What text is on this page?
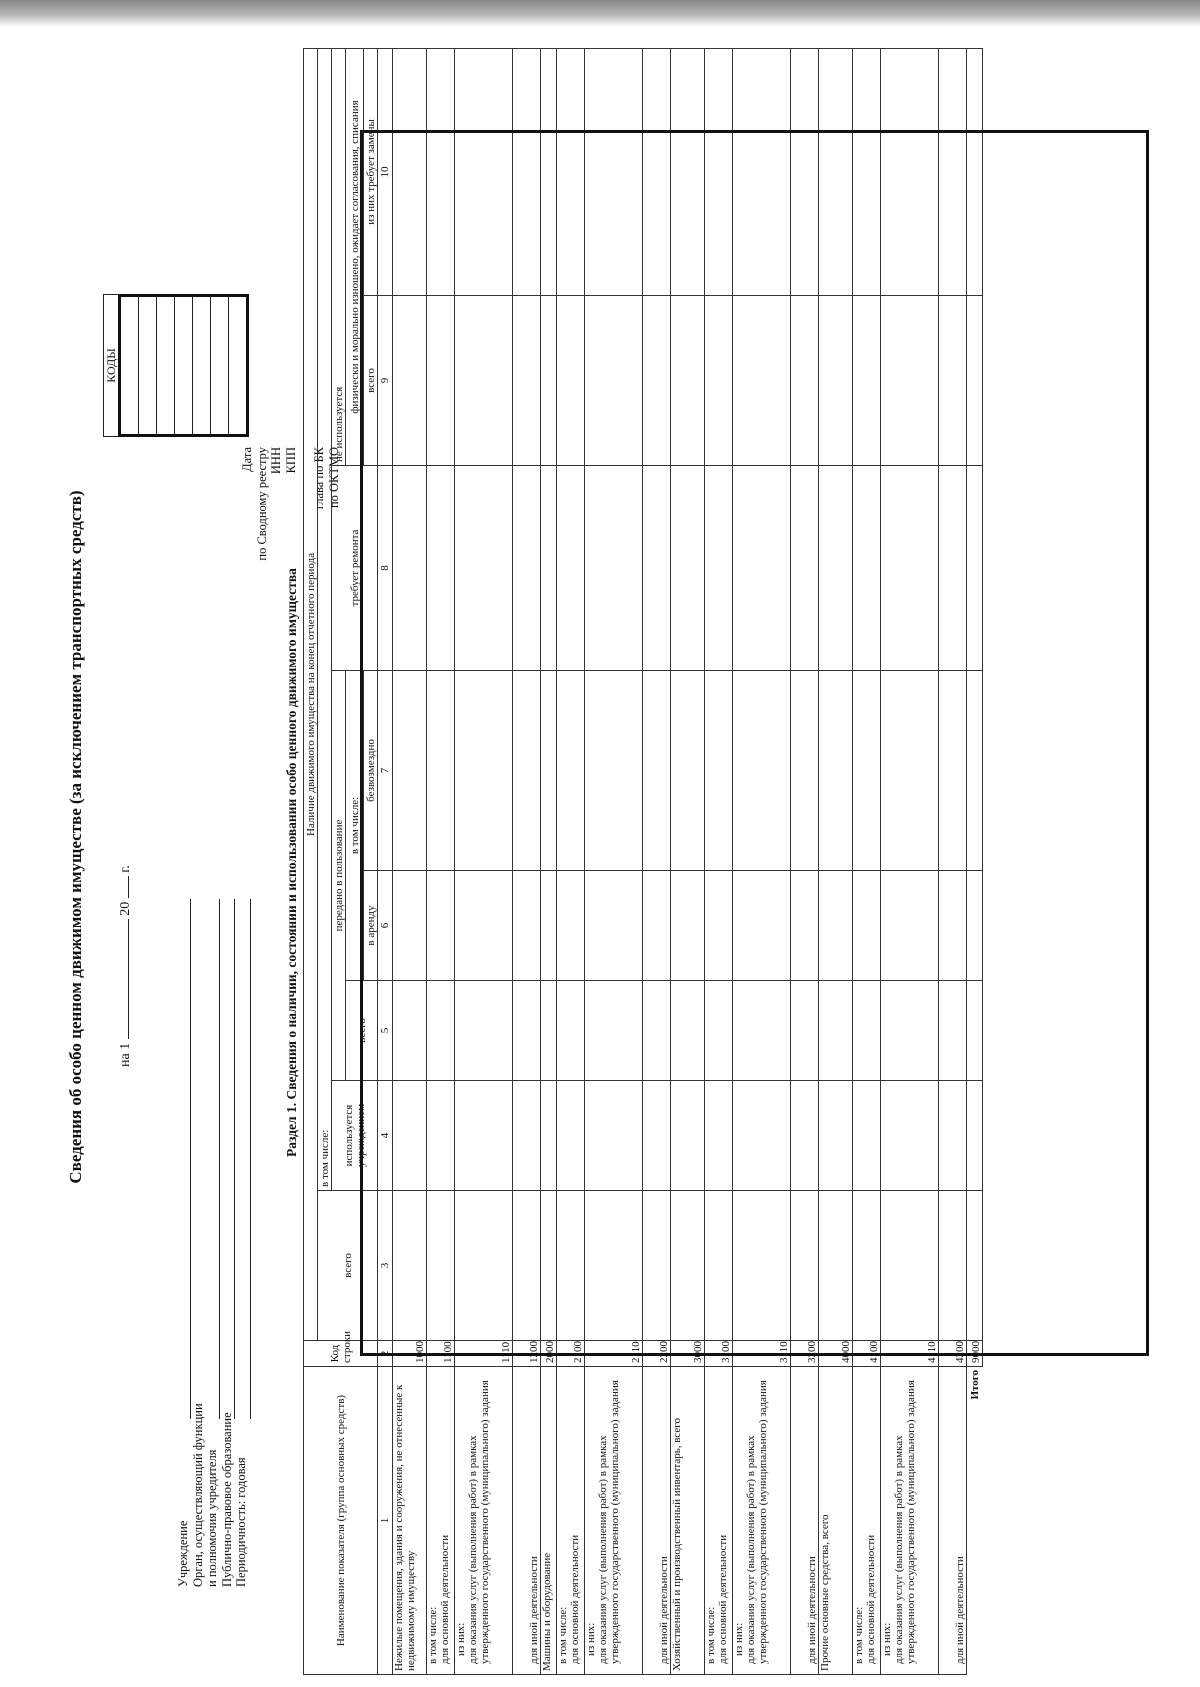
Сведения об особо ценном движимом имуществе (за исключением транспортных средств) на 1  20  г.
Учреждение Орган, осуществляющий функции и полномочия учредителя Публично-правовое образование Периодичность: годовая
Дата по Сводному реестру ИНН КПП глава по БК по ОКТМО
КОДЫ
Раздел 1. Сведения о наличии, состоянии и использовании особо ценного движимого имущества
Наименование показателя (группа основных средств)	Код строки	Наличие движимого имущества на конец отчетного периода							
		всего	в том числе:						
			используется учреждением	передано в пользование			требует ремонта	не используется	
				всего	в том числе:			физически и морально изношено, ожидает согласования, списания	
					в аренду	безвозмездно		всего	из них требует замены
1	2	3	4	5	6	7	8	9	10

Нежилые помещения, здания и сооружения, не отнесенные к недвижимому имуществу	1000								

в том числе: для основной деятельности	1100								

из них: для оказания услуг (выполнения работ) в рамках утвержденного государственного (муниципального) задания	1110								

для иной деятельности	1200								

Машины и оборудование	2000								

в том числе: для основной деятельности	2100								

из них: для оказания услуг (выполнения работ) в рамках утвержденного государственного (муниципального) задания	2110								

для иной деятельности	2200								

Хозяйственный и производственный инвентарь, всего	3000								

в том числе: для основной деятельности	3100								

из них: для оказания услуг (выполнения работ) в рамках утвержденного государственного (муниципального) задания	3110								

для иной деятельности	3200								

Прочие основные средства, всего	4000								

в том числе: для основной деятельности	4100								

из них: для оказания услуг (выполнения работ) в рамках утвержденного государственного (муниципального) задания	4110								

для иной деятельности	4200								
Итого	9000								
